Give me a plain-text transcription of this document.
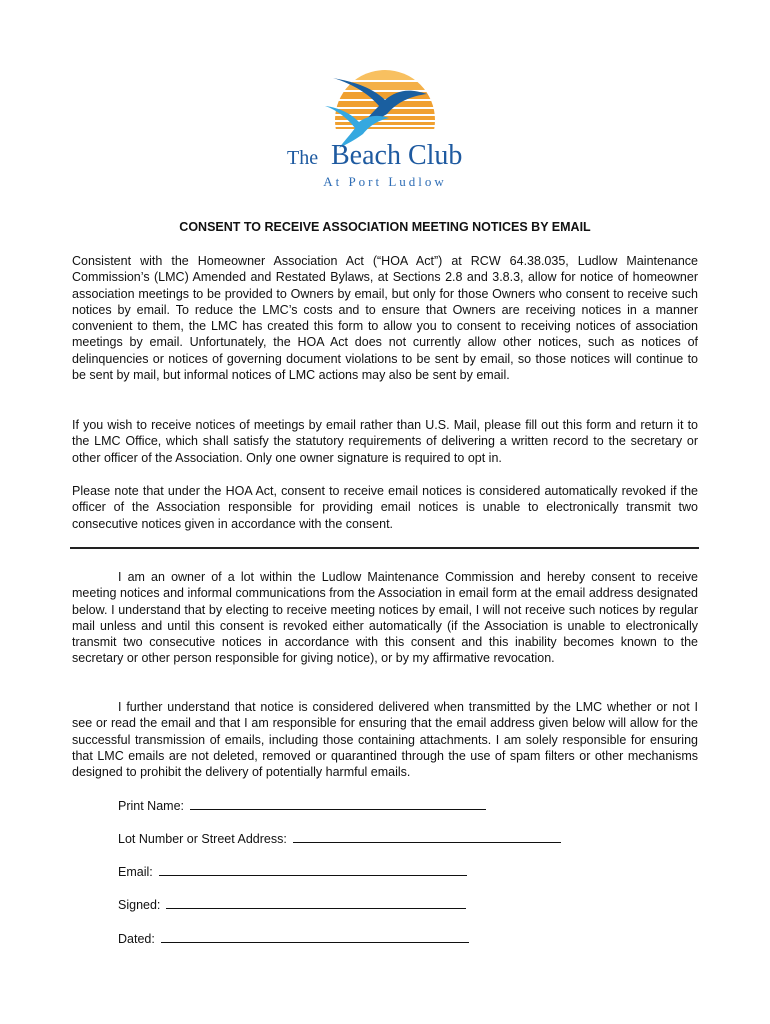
The Beach Club
At Port Ludlow
CONSENT TO RECEIVE ASSOCIATION MEETING NOTICES BY EMAIL

Consistent with the Homeowner Association Act (“HOA Act”) at RCW 64.38.035, Ludlow Maintenance Commission’s (LMC) Amended and Restated Bylaws, at Sections 2.8 and 3.8.3, allow for notice of homeowner association meetings to be provided to Owners by email, but only for those Owners who consent to receive such notices by email. To reduce the LMC’s costs and to ensure that Owners are receiving notices in a manner convenient to them, the LMC has created this form to allow you to consent to receiving notices of association meetings by email. Unfortunately, the HOA Act does not currently allow other notices, such as notices of delinquencies or notices of governing document violations to be sent by email, so those notices will continue to be sent by mail, but informal notices of LMC actions may also be sent by email.

If you wish to receive notices of meetings by email rather than U.S. Mail, please fill out this form and return it to the LMC Office, which shall satisfy the statutory requirements of delivering a written record to the secretary or other officer of the Association. Only one owner signature is required to opt in.

Please note that under the HOA Act, consent to receive email notices is considered automatically revoked if the officer of the Association responsible for providing email notices is unable to electronically transmit two consecutive notices given in accordance with the consent.

I am an owner of a lot within the Ludlow Maintenance Commission and hereby consent to receive meeting notices and informal communications from the Association in email form at the email address designated below. I understand that by electing to receive meeting notices by email, I will not receive such notices by regular mail unless and until this consent is revoked either automatically (if the Association is unable to electronically transmit two consecutive notices in accordance with this consent and this inability becomes known to the secretary or other person responsible for giving notice), or by my affirmative revocation.

I further understand that notice is considered delivered when transmitted by the LMC whether or not I see or read the email and that I am responsible for ensuring that the email address given below will allow for the successful transmission of emails, including those containing attachments. I am solely responsible for ensuring that LMC emails are not deleted, removed or quarantined through the use of spam filters or other mechanisms designed to prohibit the delivery of potentially harmful emails.

Print Name:
Lot Number or Street Address:
Email:
Signed:
Dated:
